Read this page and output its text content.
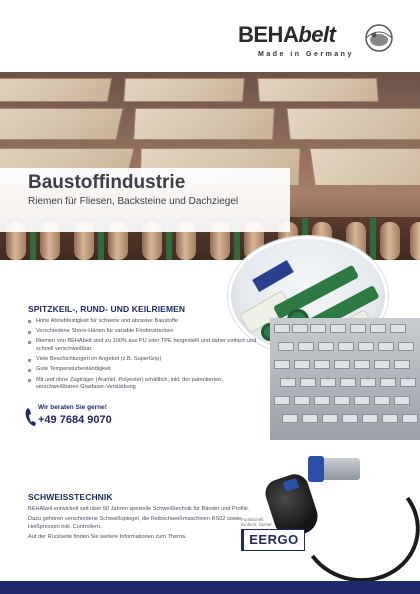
BEHAbelt
Made in Germany
Baustoffindustrie
Riemen für Fliesen, Backsteine und Dachziegel
SPITZKEIL-, RUND- UND KEILRIEMEN
Hohe Abriebfestigkeit für schwere und abrasive Baustoffe
Verschiedene Shore-Härten für variable Förderstrecken
Riemen von BEHAbelt sind zu 100% aus PU oder TPE hergestellt und daher einfach und schnell verschweißbar.
Viele Beschichtungen im Angebot (z.B. SuperGrip)
Gute Temperaturbeständigkeit
Mit und ohne Zugträger (Aramid, Polyester) erhältlich; inkl. der patentierten, verschweißbaren Glasfaser-Verstärkung
Wir beraten Sie gerne!
+49 7684 9070
SCHWEISSTECHNIK

BEHAbelt entwickelt seit über 50 Jahren spezielle Schweißtechnik für Bänder und Profile.

Dazu gehören verschiedene Schweißspiegel, die Reibschweißmaschinen RS02 sowie Heißpressen inkl. Controllern.

Auf der Rückseite finden Sie weitere Informationen zum Thema.

Funktionell.
Einfach. Sicher.
EERGO
